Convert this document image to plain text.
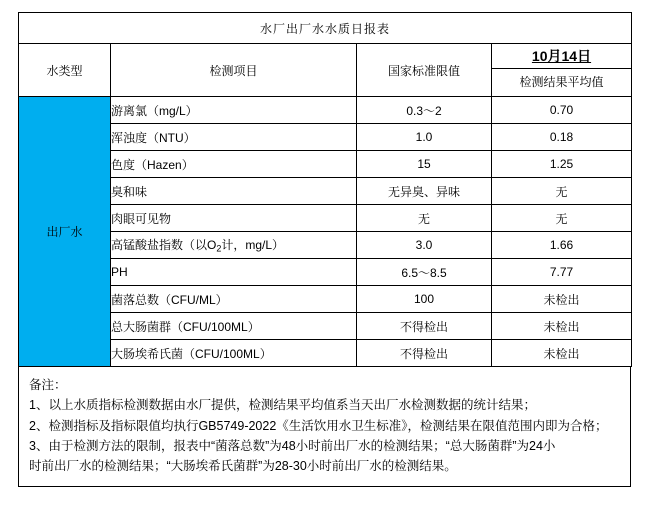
水厂出厂水水质日报表			
水类型	检测项目	国家标准限值	10月14日
检测结果平均值

出厂水	游离氯（mg/L）	0.3～2	0.70
	浑浊度（NTU）	1.0	0.18
	色度（Hazen）	15	1.25
	臭和味	无异臭、异味	无
	肉眼可见物	无	无
	高锰酸盐指数（以$O_2$计，mg/L）	3.0	1.66
	PH	6.5～8.5	7.77
	菌落总数（CFU/ML）	100	未检出
	总大肠菌群（CFU/100ML）	不得检出	未检出
	大肠埃希氏菌（CFU/100ML）	不得检出	未检出
备注：
1、以上水质指标检测数据由水厂提供，检测结果平均值系当天出厂水检测数据的统计结果；
2、检测指标及指标限值均执行GB5749-2022《生活饮用水卫生标准》，检测结果在限值范围内即为合格；
3、由于检测方法的限制，报表中“菌落总数”为48小时前出厂水的检测结果；“总大肠菌群”为24小
时前出厂水的检测结果；“大肠埃希氏菌群”为28-30小时前出厂水的检测结果。
